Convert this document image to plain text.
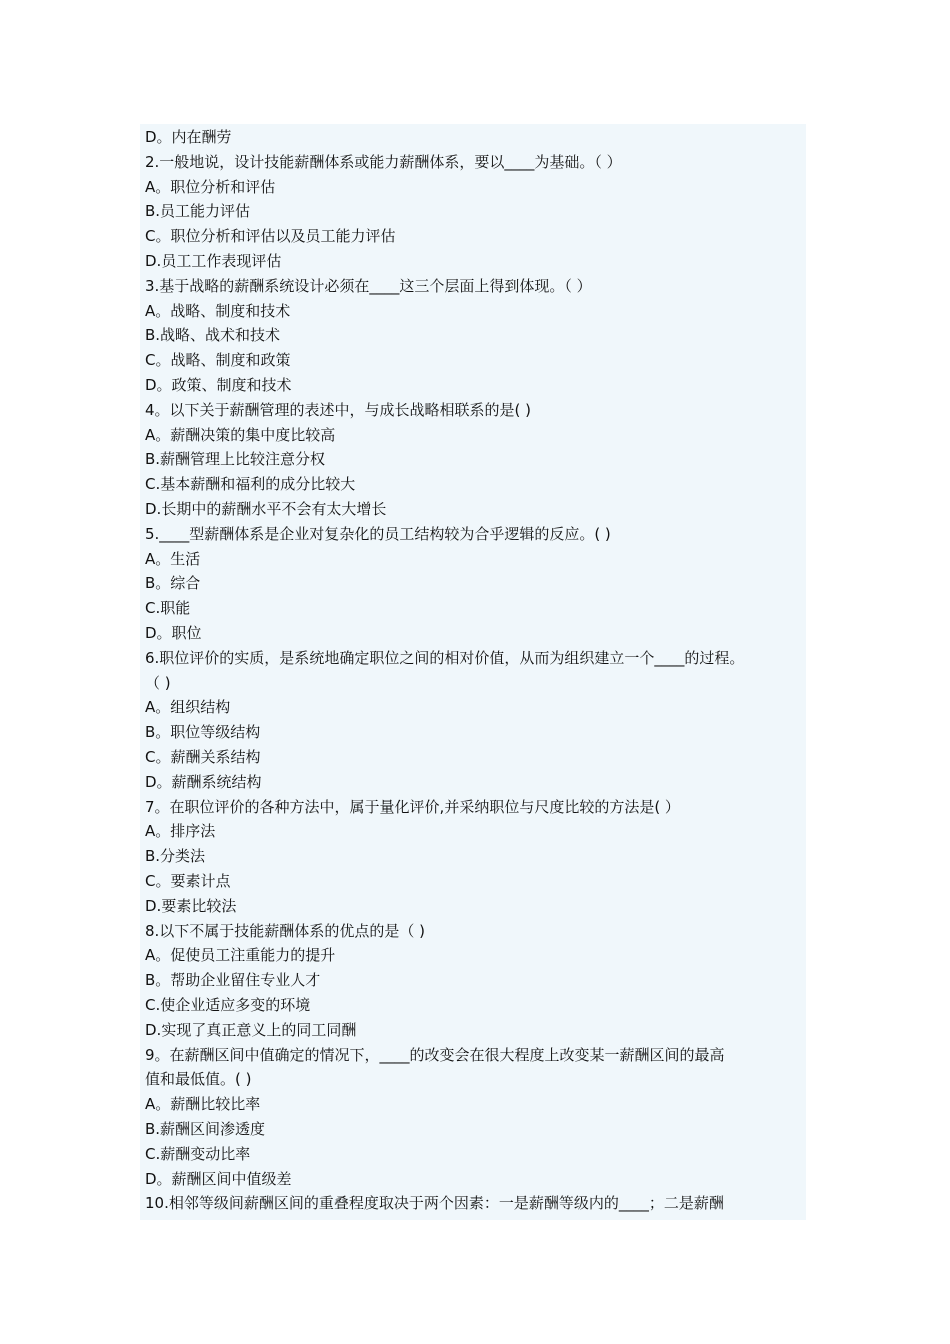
D。内在酬劳
2.一般地说，设计技能薪酬体系或能力薪酬体系，要以____为基础。（ ）
A。职位分析和评估
B.员工能力评估
C。职位分析和评估以及员工能力评估
D.员工工作表现评估
3.基于战略的薪酬系统设计必须在____这三个层面上得到体现。（ ）
A。战略、制度和技术
B.战略、战术和技术
C。战略、制度和政策
D。政策、制度和技术
4。以下关于薪酬管理的表述中，与成长战略相联系的是( )
A。薪酬决策的集中度比较高
B.薪酬管理上比较注意分权
C.基本薪酬和福利的成分比较大
D.长期中的薪酬水平不会有太大增长
5.____型薪酬体系是企业对复杂化的员工结构较为合乎逻辑的反应。( )
A。生活
B。综合
C.职能
D。职位
6.职位评价的实质，是系统地确定职位之间的相对价值，从而为组织建立一个____的过程。
（ )
A。组织结构
B。职位等级结构
C。薪酬关系结构
D。薪酬系统结构
7。在职位评价的各种方法中，属于量化评价,并采纳职位与尺度比较的方法是( ）
A。排序法
B.分类法
C。要素计点
D.要素比较法
8.以下不属于技能薪酬体系的优点的是（ )
A。促使员工注重能力的提升
B。帮助企业留住专业人才
C.使企业适应多变的环境
D.实现了真正意义上的同工同酬
9。在薪酬区间中值确定的情况下，____的改变会在很大程度上改变某一薪酬区间的最高
值和最低值。( )
A。薪酬比较比率
B.薪酬区间渗透度
C.薪酬变动比率
D。薪酬区间中值级差
10.相邻等级间薪酬区间的重叠程度取决于两个因素：一是薪酬等级内的____；二是薪酬
